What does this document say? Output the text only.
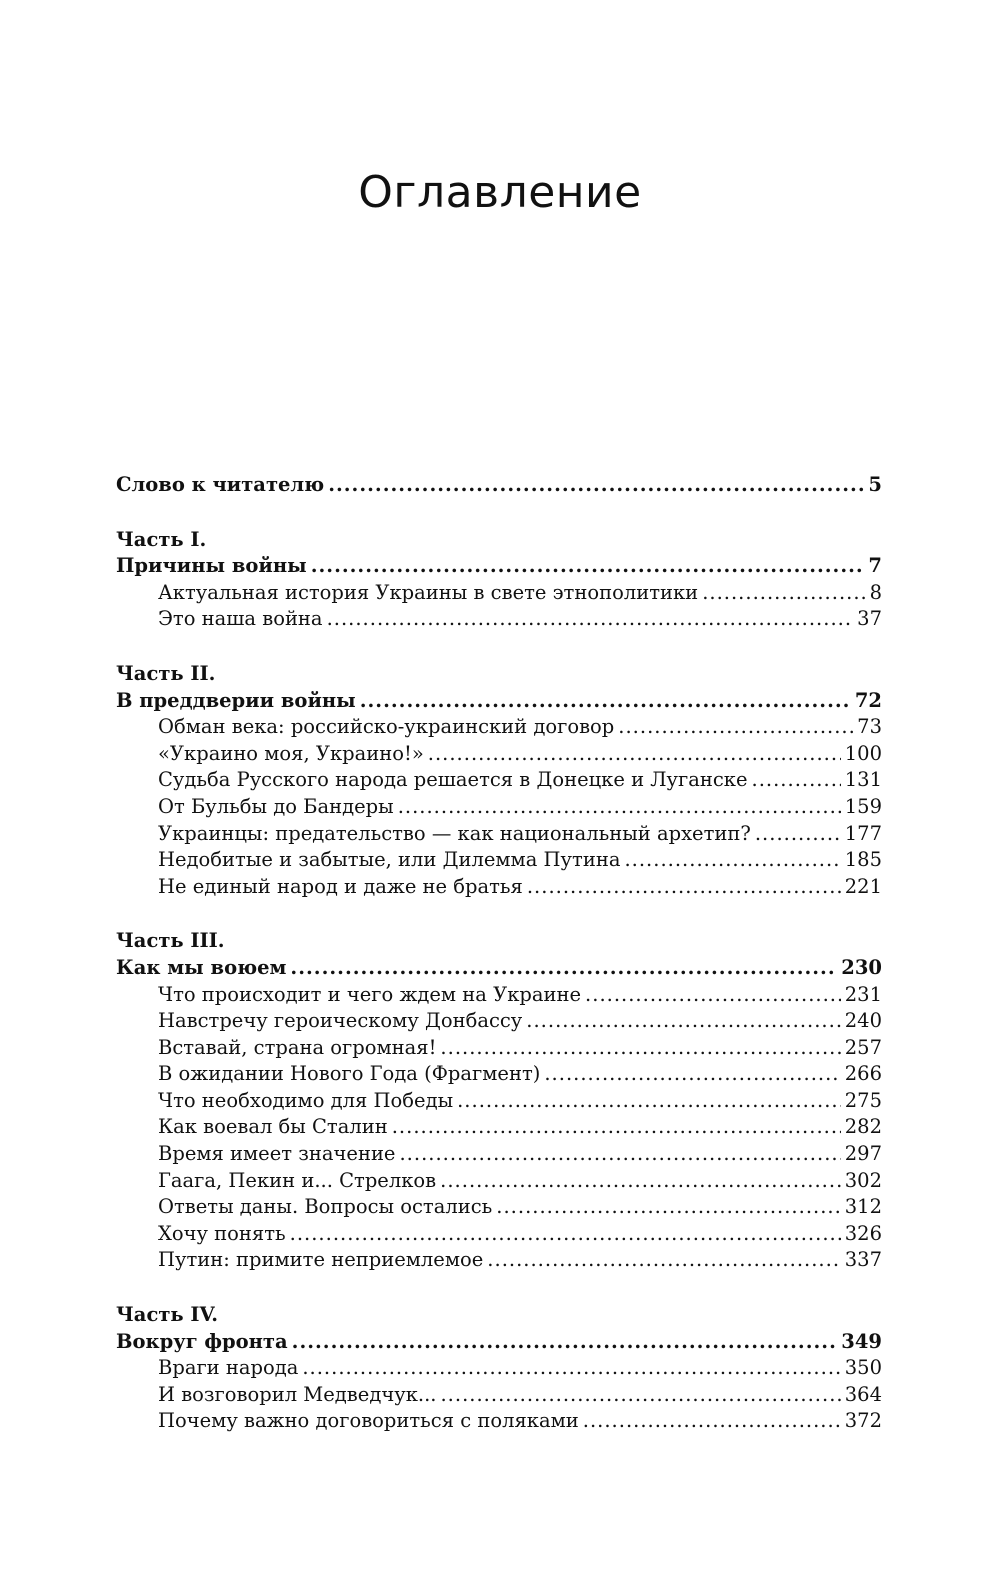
Оглавление
Слово к читателю .....	5
Часть I.
Причины войны .....	7
Актуальная история Украины в свете этнополитики .....	8
Это наша война .....	37
Часть II.
В преддверии войны .....	72
Обман века: российско-украинский договор .....	73
«Украино моя, Украино!» .....	100
Судьба Русского народа решается в Донецке и Луганске .....	131
От Бульбы до Бандеры .....	159
Украинцы: предательство — как национальный архетип? .....	177
Недобитые и забытые, или Дилемма Путина .....	185
Не единый народ и даже не братья .....	221
Часть III.
Как мы воюем .....	230
Что происходит и чего ждем на Украине .....	231
Навстречу героическому Донбассу .....	240
Вставай, страна огромная! .....	257
В ожидании Нового Года (Фрагмент) .....	266
Что необходимо для Победы .....	275
Как воевал бы Сталин .....	282
Время имеет значение .....	297
Гаага, Пекин и... Стрелков .....	302
Ответы даны. Вопросы остались .....	312
Хочу понять .....	326
Путин: примите неприемлемое .....	337
Часть IV.
Вокруг фронта .....	349
Враги народа .....	350
И возговорил Медведчук... .....	364
Почему важно договориться с поляками .....	372
